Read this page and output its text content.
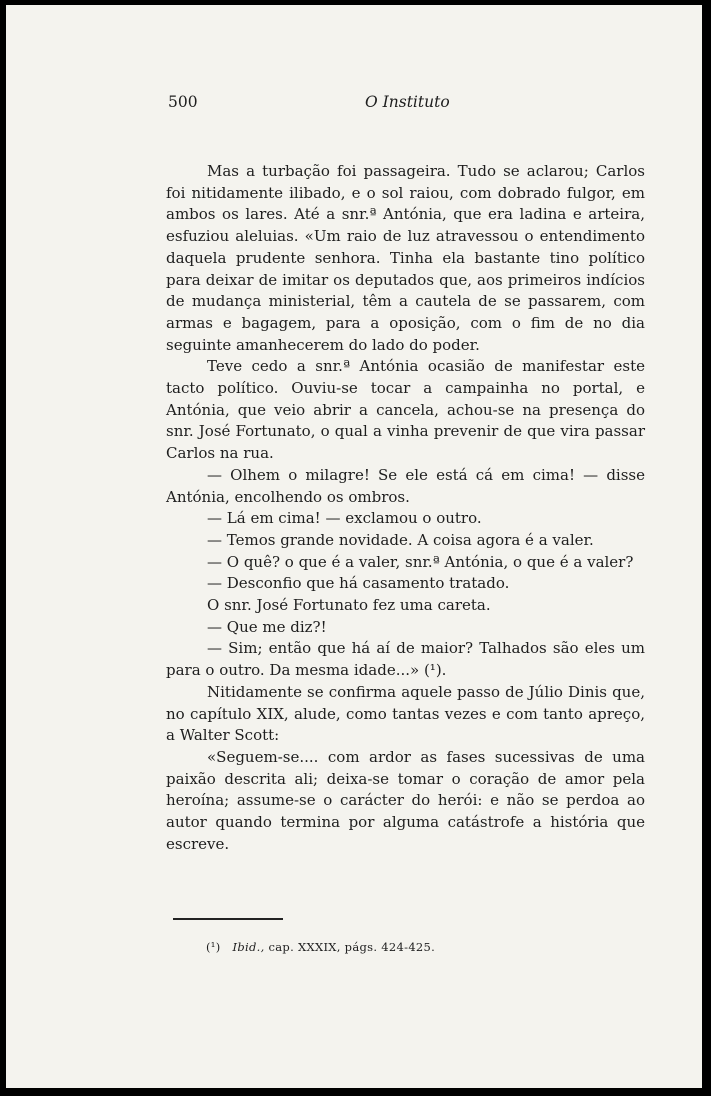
500	O Instituto

Mas a turbação foi passageira. Tudo se aclarou; Carlos foi nitidamente ilibado, e o sol raiou, com dobrado fulgor, em ambos os lares. Até a snr.ª Antónia, que era ladina e arteira, esfuziou aleluias. «Um raio de luz atravessou o entendimento daquela prudente senhora. Tinha ela bastante tino político para deixar de imitar os deputados que, aos primeiros indícios de mudança ministerial, têm a cautela de se passarem, com armas e bagagem, para a oposição, com o fim de no dia seguinte amanhecerem do lado do poder.

Teve cedo a snr.ª Antónia ocasião de manifestar este tacto político. Ouviu-se tocar a campainha no portal, e Antónia, que veio abrir a cancela, achou-se na presença do snr. José Fortunato, o qual a vinha prevenir de que vira passar Carlos na rua.

— Olhem o milagre! Se ele está cá em cima! — disse Antónia, encolhendo os ombros.

— Lá em cima! — exclamou o outro.

— Temos grande novidade. A coisa agora é a valer.

— O quê? o que é a valer, snr.ª Antónia, o que é a valer?

— Desconfio que há casamento tratado.

O snr. José Fortunato fez uma careta.

— Que me diz?!

— Sim; então que há aí de maior? Talhados são eles um para o outro. Da mesma idade...» (¹).

Nitidamente se confirma aquele passo de Júlio Dinis que, no capítulo XIX, alude, como tantas vezes e com tanto apreço, a Walter Scott:

«Seguem-se.... com ardor as fases sucessivas de uma paixão descrita ali; deixa-se tomar o coração de amor pela heroína; assume-se o carácter do herói: e não se perdoa ao autor quando termina por alguma catástrofe a história que escreve.

(¹) Ibid., cap. XXXIX, págs. 424-425.
